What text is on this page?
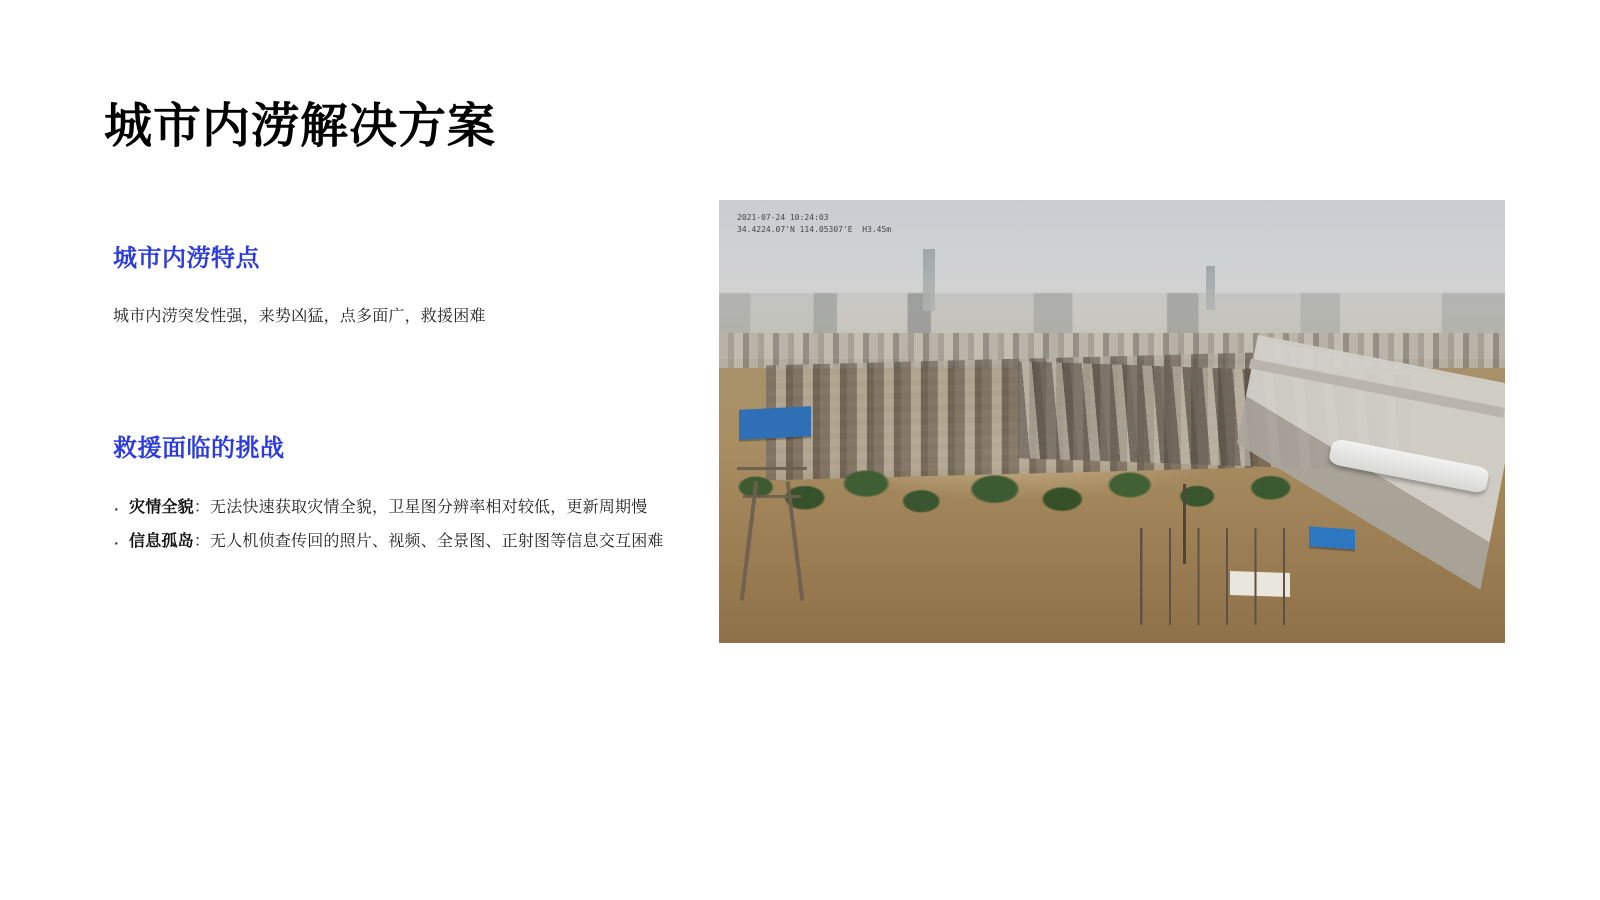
城市内涝解决方案
城市内涝特点

城市内涝突发性强，来势凶猛，点多面广，救援困难

救援面临的挑战
· 灾情全貌：无法快速获取灾情全貌，卫星图分辨率相对较低，更新周期慢
· 信息孤岛：无人机侦查传回的照片、视频、全景图、正射图等信息交互困难
2021-07-24 10:24:03
34.4224.07'N 114.05307'E  H3.45m
